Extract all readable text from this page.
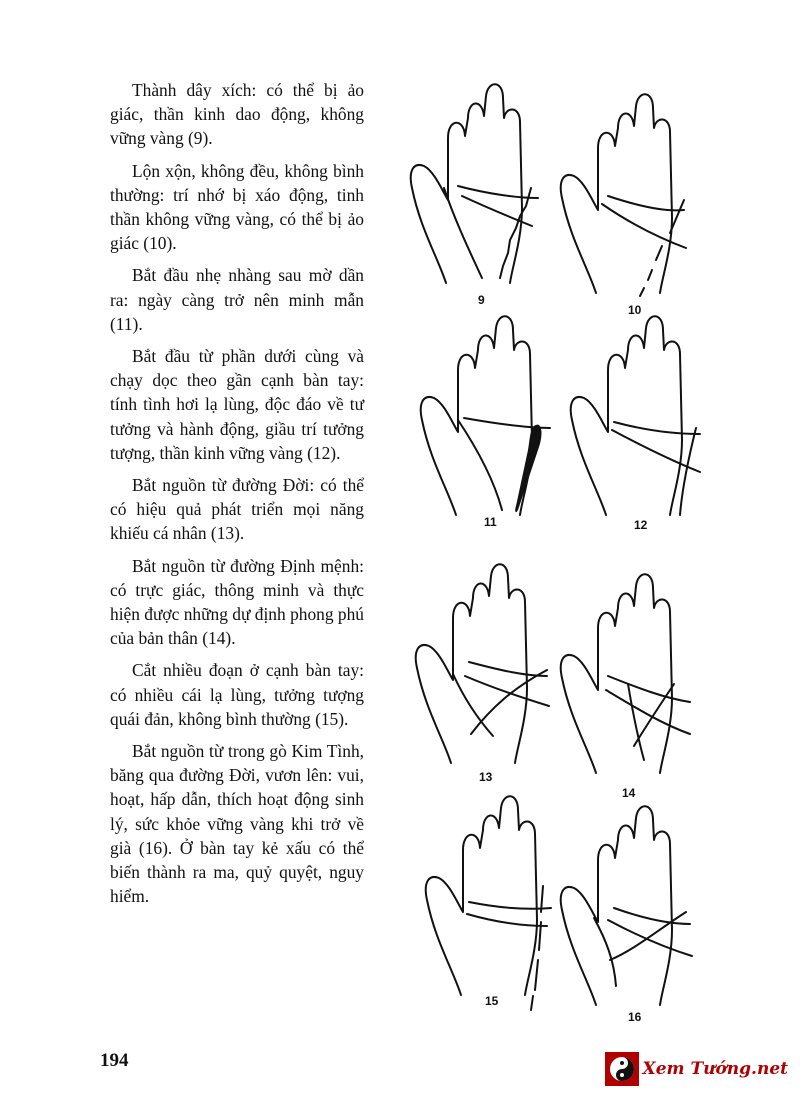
Thành dây xích: có thể bị ảo giác, thần kinh dao động, không vững vàng (9).

Lộn xộn, không đều, không bình thường: trí nhớ bị xáo động, tinh thần không vững vàng, có thể bị ảo giác (10).

Bắt đầu nhẹ nhàng sau mờ dần ra: ngày càng trở nên minh mẫn (11).

Bắt đầu từ phần dưới cùng và chạy dọc theo gần cạnh bàn tay: tính tình hơi lạ lùng, độc đáo về tư tưởng và hành động, giầu trí tưởng tượng, thần kinh vững vàng (12).

Bắt nguồn từ đường Đời: có thể có hiệu quả phát triển mọi năng khiếu cá nhân (13).

Bắt nguồn từ đường Định mệnh: có trực giác, thông minh và thực hiện được những dự định phong phú của bản thân (14).

Cắt nhiều đoạn ở cạnh bàn tay: có nhiều cái lạ lùng, tưởng tượng quái đản, không bình thường (15).

Bắt nguồn từ trong gò Kim Tình, băng qua đường Đời, vươn lên: vui, hoạt, hấp dẫn, thích hoạt động sinh lý, sức khỏe vững vàng khi trở về già (16). Ở bàn tay kẻ xấu có thể biến thành ra ma, quỷ quyệt, nguy hiểm.

9
10
11	12
13
14
15
16
194	Xem Tướng.net
